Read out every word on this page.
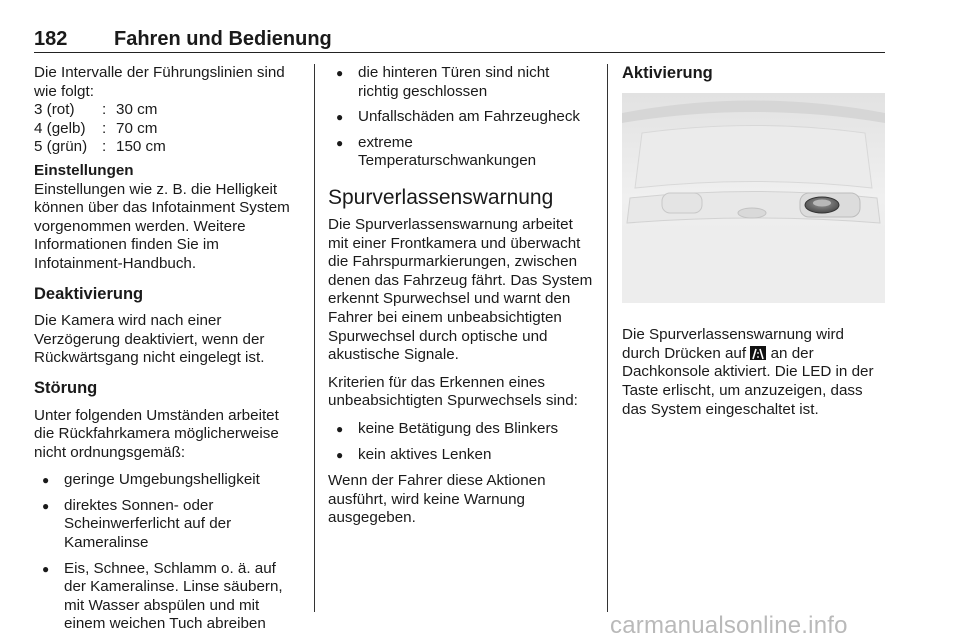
182 Fahren und Bedienung

Die Intervalle der Führungslinien sind wie folgt:

3 (rot)	: 30 cm
4 (gelb)	: 70 cm
5 (grün) : 150 cm

Einstellungen

Einstellungen wie z. B. die Helligkeit können über das Infotainment System vorgenommen werden. Weitere Informationen finden Sie im Infotainment-Handbuch.

Deaktivierung

Die Kamera wird nach einer Verzögerung deaktiviert, wenn der Rückwärtsgang nicht eingelegt ist.

Störung

Unter folgenden Umständen arbeitet die Rückfahrkamera möglicherweise nicht ordnungsgemäß:

● geringe Umgebungshelligkeit
● direktes Sonnen- oder Scheinwerferlicht auf der Kameralinse
● Eis, Schnee, Schlamm o. ä. auf der Kameralinse. Linse säubern, mit Wasser abspülen und mit einem weichen Tuch abreiben
● die hinteren Türen sind nicht richtig geschlossen
● Unfallschäden am Fahrzeugheck
● extreme Temperaturschwankungen

Spurverlassenswarnung

Die Spurverlassenswarnung arbeitet mit einer Frontkamera und überwacht die Fahrspurmarkierungen, zwischen denen das Fahrzeug fährt. Das System erkennt Spurwechsel und warnt den Fahrer bei einem unbeabsichtigten Spurwechsel durch optische und akustische Signale.

Kriterien für das Erkennen eines unbeabsichtigten Spurwechsels sind:

● keine Betätigung des Blinkers
● kein aktives Lenken

Wenn der Fahrer diese Aktionen ausführt, wird keine Warnung ausgegeben.

Aktivierung

Die Spurverlassenswarnung wird durch Drücken auf an der Dachkonsole aktiviert. Die LED in der Taste erlischt, um anzuzeigen, dass das System eingeschaltet ist.

carmanualsonline.info
